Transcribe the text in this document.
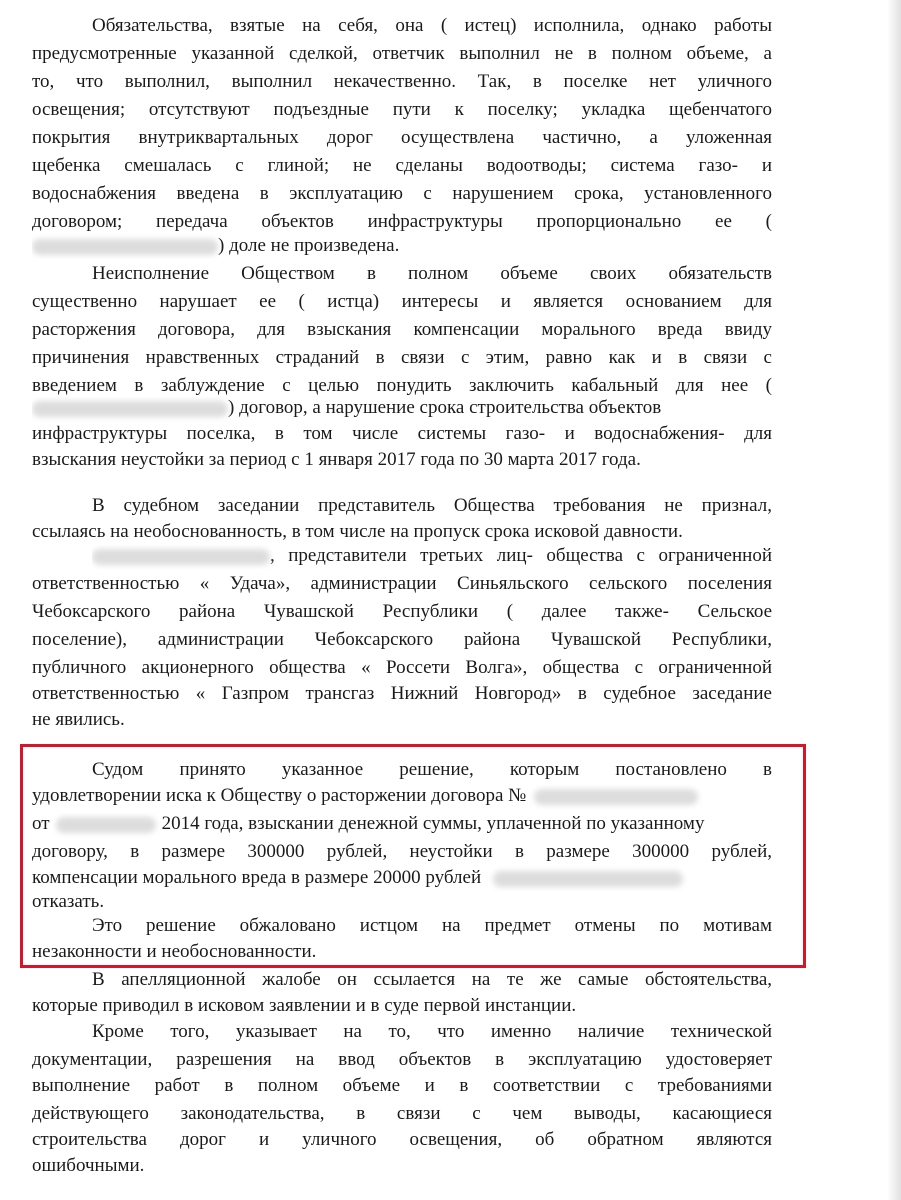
Обязательства, взятые на себя, она ( истец) исполнила, однако работы
предусмотренные указанной сделкой, ответчик выполнил не в полном объеме, а
то, что выполнил, выполнил некачественно. Так, в поселке нет уличного
освещения; отсутствуют подъездные пути к поселку; укладка щебенчатого
покрытия внутриквартальных дорог осуществлена частично, а уложенная
щебенка смешалась с глиной; не сделаны водоотводы; система газо- и
водоснабжения введена в эксплуатацию с нарушением срока, установленного
договором; передача объектов инфраструктуры пропорционально ее (
) доле не произведена.
Неисполнение Обществом в полном объеме своих обязательств
существенно нарушает ее ( истца) интересы и является основанием для
расторжения договора, для взыскания компенсации морального вреда ввиду
причинения нравственных страданий в связи с этим, равно как и в связи с
введением в заблуждение с целью понудить заключить кабальный для нее (
) договор, а нарушение срока строительства объектов
инфраструктуры поселка, в том числе системы газо- и водоснабжения- для
взыскания неустойки за период с 1 января 2017 года по 30 марта 2017 года.
В судебном заседании представитель Общества требования не признал,
ссылаясь на необоснованность, в том числе на пропуск срока исковой давности.
, представители третьих лиц- общества с ограниченной
ответственностью « Удача», администрации Синьяльского сельского поселения
Чебоксарского района Чувашской Республики ( далее также- Сельское
поселение), администрации Чебоксарского района Чувашской Республики,
публичного акционерного общества « Россети Волга», общества с ограниченной
ответственностью « Газпром трансгаз Нижний Новгород» в судебное заседание
не явились.
Судом принято указанное решение, которым постановлено в
удовлетворении иска к Обществу о расторжении договора №
от	2014 года, взыскании денежной суммы, уплаченной по указанному
договору, в размере 300000 рублей, неустойки в размере 300000 рублей,
компенсации морального вреда в размере 20000 рублей
отказать.
Это решение обжаловано истцом на предмет отмены по мотивам
незаконности и необоснованности.
В апелляционной жалобе он ссылается на те же самые обстоятельства,
которые приводил в исковом заявлении и в суде первой инстанции.
Кроме того, указывает на то, что именно наличие технической
документации, разрешения на ввод объектов в эксплуатацию удостоверяет
выполнение работ в полном объеме и в соответствии с требованиями
действующего законодательства, в связи с чем выводы, касающиеся
строительства дорог и уличного освещения, об обратном являются
ошибочными.
